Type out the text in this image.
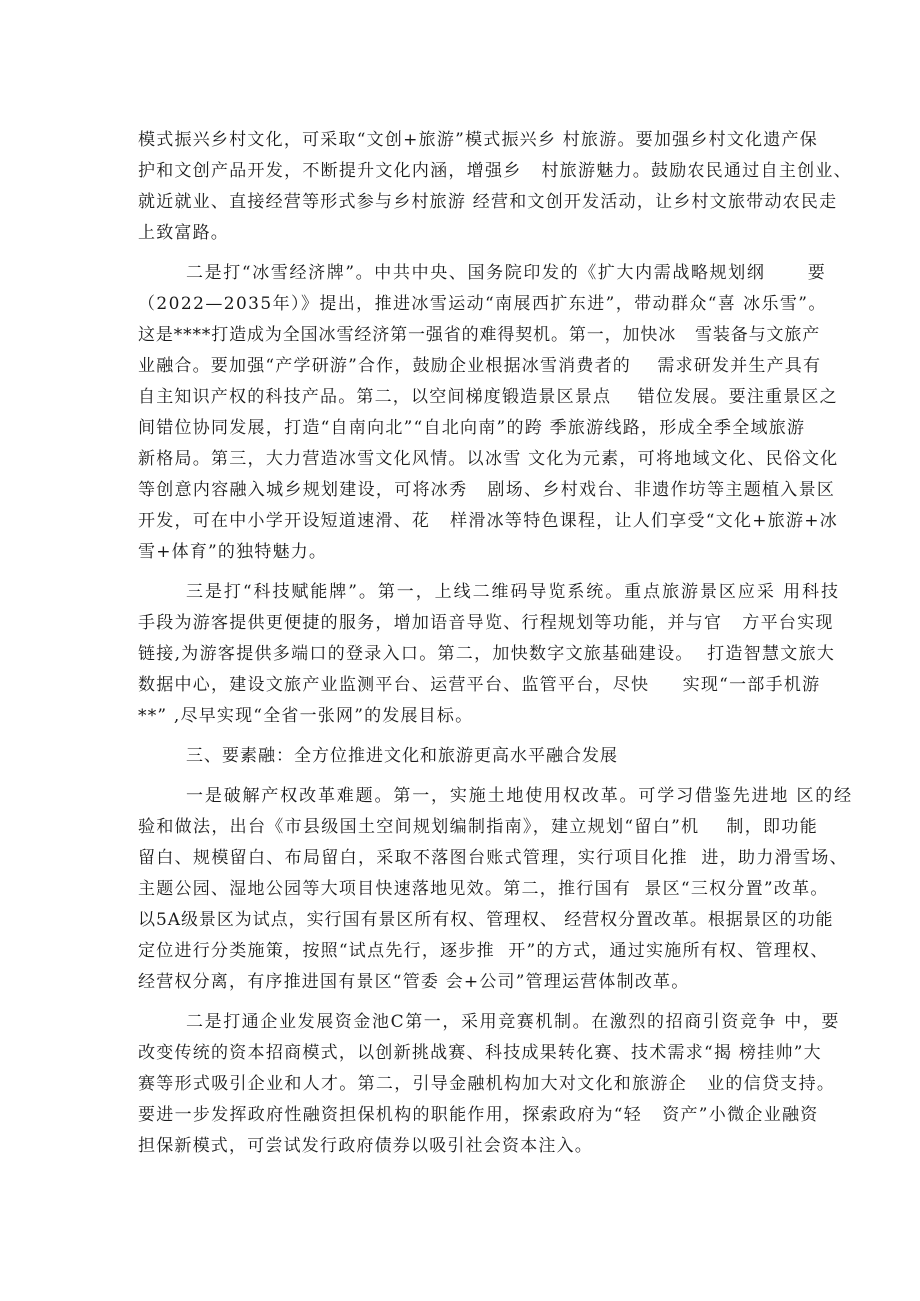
模式振兴乡村文化，可采取“文创+旅游”模式振兴乡 村旅游。要加强乡村文化遗产保

护和文创产品开发，不断提升文化内涵，增强乡   村旅游魅力。鼓励农民通过自主创业、

就近就业、直接经营等形式参与乡村旅游 经营和文创开发活动，让乡村文旅带动农民走

上致富路。

二是打“冰雪经济牌”。中共中央、国务院印发的《扩大内需战略规划纲      要

（2022—2035年）》提出，推进冰雪运动“南展西扩东进”，带动群众“喜 冰乐雪”。

这是****打造成为全国冰雪经济第一强省的难得契机。第一，加快冰   雪装备与文旅产

业融合。要加强“产学研游”合作，鼓励企业根据冰雪消费者的    需求研发并生产具有

自主知识产权的科技产品。第二，以空间梯度锻造景区景点    错位发展。要注重景区之

间错位协同发展，打造“自南向北”“自北向南”的跨 季旅游线路，形成全季全域旅游

新格局。第三，大力营造冰雪文化风情。以冰雪 文化为元素，可将地域文化、民俗文化

等创意内容融入城乡规划建设，可将冰秀   剧场、乡村戏台、非遗作坊等主题植入景区

开发，可在中小学开设短道速滑、花   样滑冰等特色课程，让人们享受“文化+旅游+冰

雪+体育”的独特魅力。

三是打“科技赋能牌”。第一，上线二维码导览系统。重点旅游景区应采 用科技

手段为游客提供更便捷的服务，增加语音导览、行程规划等功能，并与官   方平台实现

链接,为游客提供多端口的登录入口。第二，加快数字文旅基础建设。  打造智慧文旅大

数据中心，建设文旅产业监测平台、运营平台、监管平台，尽快     实现“一部手机游

**” ,尽早实现“全省一张网”的发展目标。

三、要素融：全方位推进文化和旅游更高水平融合发展

一是破解产权改革难题。第一，实施土地使用权改革。可学习借鉴先进地 区的经

验和做法，出台《市县级国土空间规划编制指南》，建立规划“留白”机    制，即功能

留白、规模留白、布局留白，采取不落图台账式管理，实行项目化推  进，助力滑雪场、

主题公园、湿地公园等大项目快速落地见效。第二，推行国有  景区“三权分置”改革。

以5A级景区为试点，实行国有景区所有权、管理权、 经营权分置改革。根据景区的功能

定位进行分类施策，按照“试点先行，逐步推  开”的方式，通过实施所有权、管理权、

经营权分离，有序推进国有景区“管委 会+公司”管理运营体制改革。

二是打通企业发展资金池C第一，采用竞赛机制。在激烈的招商引资竞争 中，要

改变传统的资本招商模式，以创新挑战赛、科技成果转化赛、技术需求“揭 榜挂帅”大

赛等形式吸引企业和人才。第二，引导金融机构加大对文化和旅游企   业的信贷支持。

要进一步发挥政府性融资担保机构的职能作用，探索政府为“轻   资产”小微企业融资

担保新模式，可尝试发行政府债券以吸引社会资本注入。
